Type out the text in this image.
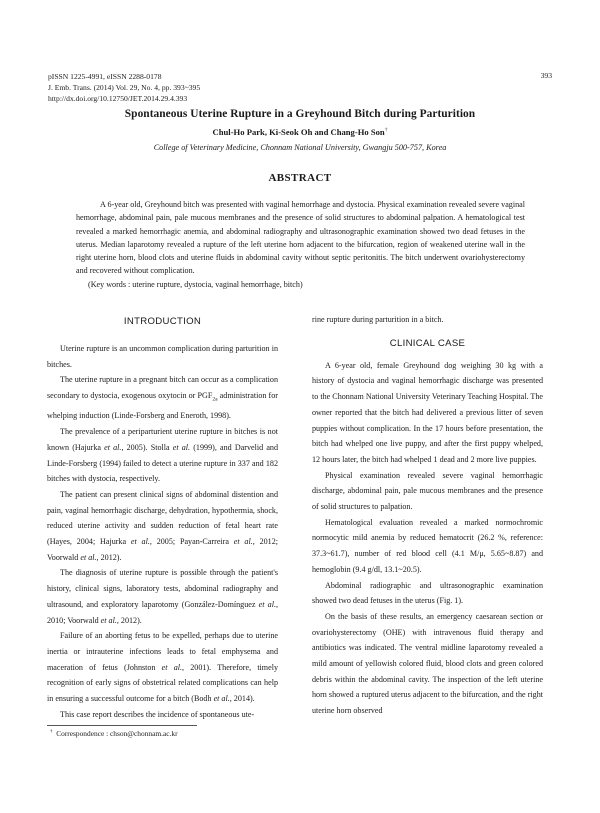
pISSN 1225-4991, eISSN 2288-0178
J. Emb. Trans. (2014) Vol. 29, No. 4, pp. 393~395
http://dx.doi.org/10.12750/JET.2014.29.4.393
393
Spontaneous Uterine Rupture in a Greyhound Bitch during Parturition
Chul-Ho Park, Ki-Seok Oh and Chang-Ho Son†
College of Veterinary Medicine, Chonnam National University, Gwangju 500-757, Korea
ABSTRACT

A 6-year old, Greyhound bitch was presented with vaginal hemorrhage and dystocia. Physical examination revealed severe vaginal hemorrhage, abdominal pain, pale mucous membranes and the presence of solid structures to abdominal palpation. A hematological test revealed a marked hemorrhagic anemia, and abdominal radiography and ultrasonographic examination showed two dead fetuses in the uterus. Median laparotomy revealed a rupture of the left uterine horn adjacent to the bifurcation, region of weakened uterine wall in the right uterine horn, blood clots and uterine fluids in abdominal cavity without septic peritonitis. The bitch underwent ovariohysterectomy and recovered without complication.

(Key words : uterine rupture, dystocia, vaginal hemorrhage, bitch)

INTRODUCTION

Uterine rupture is an uncommon complication during parturition in bitches.

The uterine rupture in a pregnant bitch can occur as a complication secondary to dystocia, exogenous oxytocin or $PGF_{2a}$ administration for whelping induction (Linde-Forsberg and Eneroth, 1998).

The prevalence of a periparturient uterine rupture in bitches is not known (Hajurka et al., 2005). Stolla et al. (1999), and Darvelid and Linde-Forsberg (1994) failed to detect a uterine rupture in 337 and 182 bitches with dystocia, respectively.

The patient can present clinical signs of abdominal distention and pain, vaginal hemorrhagic discharge, dehydration, hypothermia, shock, reduced uterine activity and sudden reduction of fetal heart rate (Hayes, 2004; Hajurka et al., 2005; Payan-Carreira et al., 2012; Voorwald et al., 2012).

The diagnosis of uterine rupture is possible through the patient's history, clinical signs, laboratory tests, abdominal radiography and ultrasound, and exploratory laparotomy (González-Domínguez et al., 2010; Voorwald et al., 2012).

Failure of an aborting fetus to be expelled, perhaps due to uterine inertia or intrauterine infections leads to fetal emphysema and maceration of fetus (Johnston et al., 2001). Therefore, timely recognition of early signs of obstetrical related complications can help in ensuring a successful outcome for a bitch (Bodh et al., 2014).

This case report describes the incidence of spontaneous ute-

rine rupture during parturition in a bitch.

CLINICAL CASE

A 6-year old, female Greyhound dog weighing 30 kg with a history of dystocia and vaginal hemorrhagic discharge was presented to the Chonnam National University Veterinary Teaching Hospital. The owner reported that the bitch had delivered a previous litter of seven puppies without complication. In the 17 hours before presentation, the bitch had whelped one live puppy, and after the first puppy whelped, 12 hours later, the bitch had whelped 1 dead and 2 more live puppies.

Physical examination revealed severe vaginal hemorrhagic discharge, abdominal pain, pale mucous membranes and the presence of solid structures to palpation.

Hematological evaluation revealed a marked normochromic normocytic mild anemia by reduced hematocrit (26.2 %, reference: 37.3~61.7), number of red blood cell (4.1 M/μ, 5.65~8.87) and hemoglobin (9.4 g/dl, 13.1~20.5).

Abdominal radiographic and ultrasonographic examination showed two dead fetuses in the uterus (Fig. 1).

On the basis of these results, an emergency caesarean section or ovariohysterectomy (OHE) with intravenous fluid therapy and antibiotics was indicated. The ventral midline laparotomy revealed a mild amount of yellowish colored fluid, blood clots and green colored debris within the abdominal cavity. The inspection of the left uterine horn showed a ruptured uterus adjacent to the bifurcation, and the right uterine horn observed

† Correspondence : chson@chonnam.ac.kr
